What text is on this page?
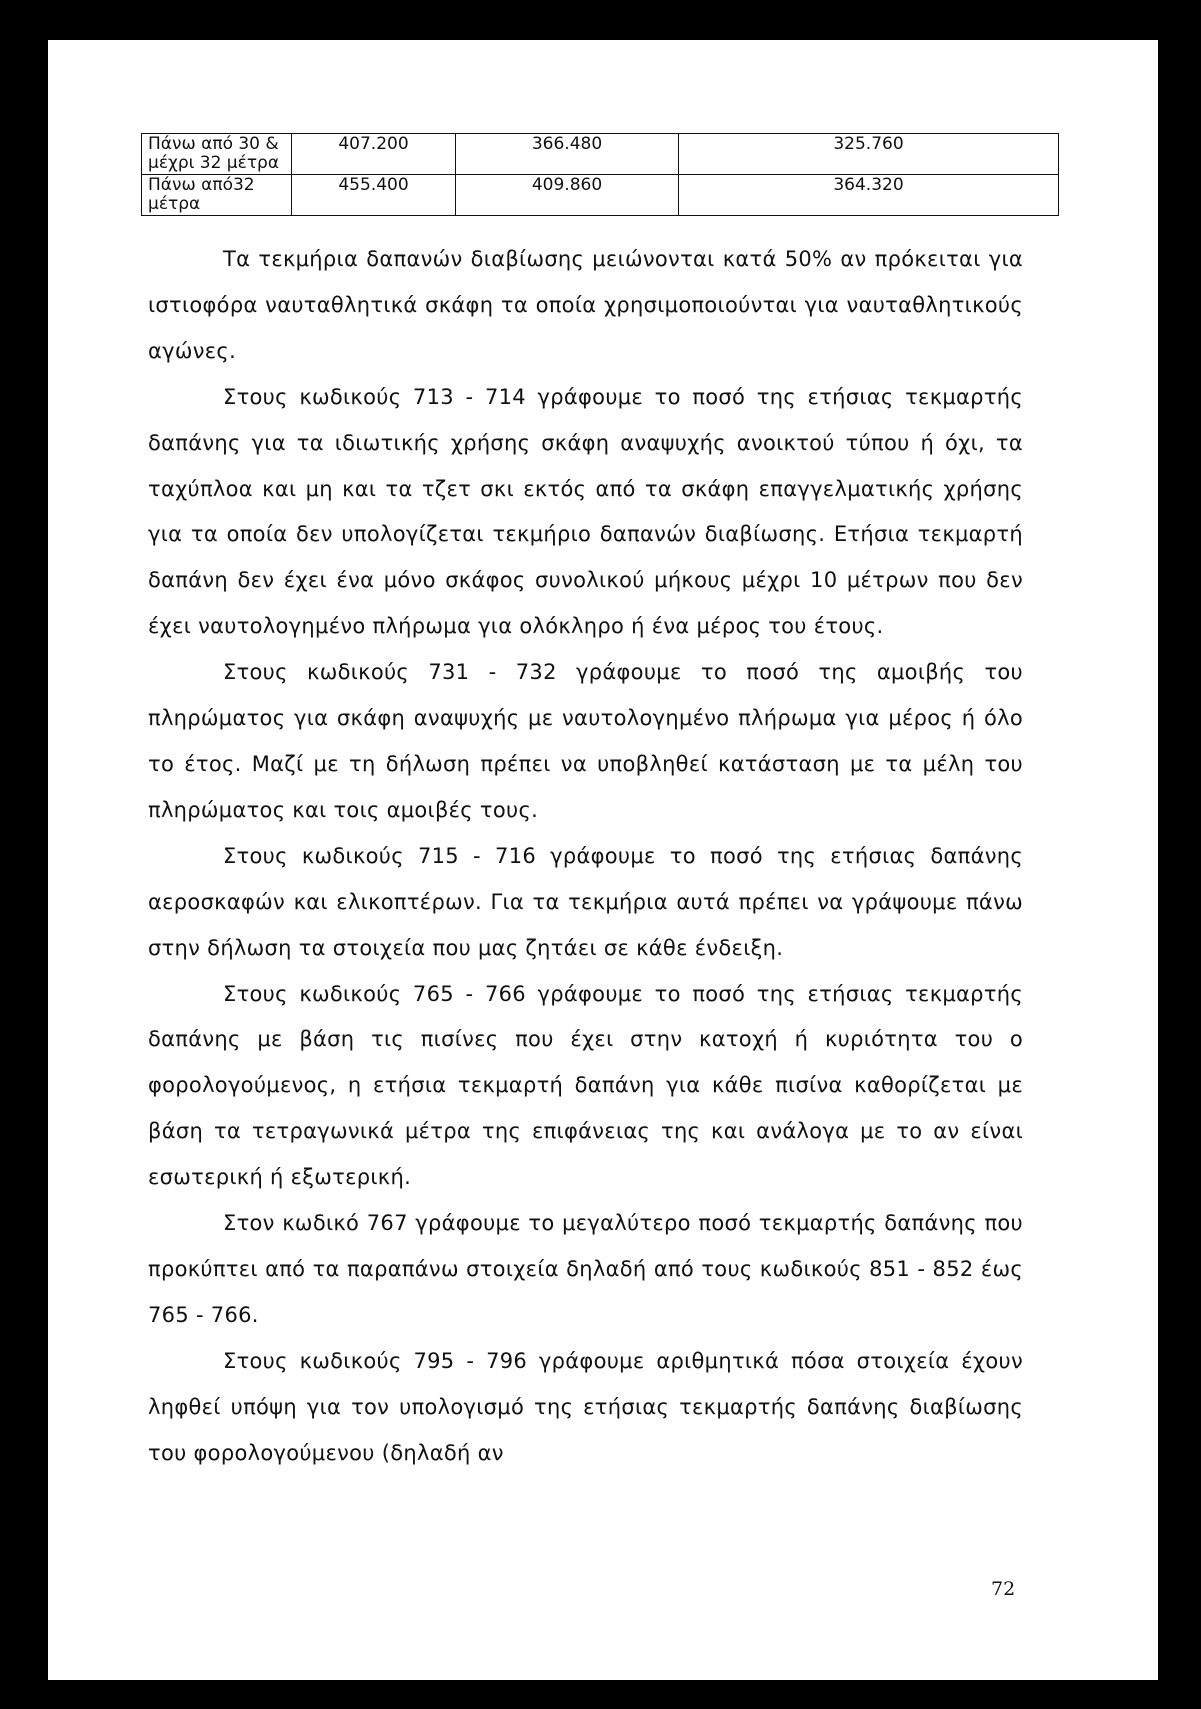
Πάνω από 30 & μέχρι 32 μέτρα	407.200	366.480	325.760
Πάνω από32 μέτρα	455.400	409.860	364.320

Τα τεκμήρια δαπανών διαβίωσης μειώνονται κατά 50% αν πρόκειται για ιστιοφόρα ναυταθλητικά σκάφη τα οποία χρησιμοποιούνται για ναυταθλητικούς αγώνες.

Στους κωδικούς 713 - 714 γράφουμε το ποσό της ετήσιας τεκμαρτής δαπάνης για τα ιδιωτικής χρήσης σκάφη αναψυχής ανοικτού τύπου ή όχι, τα ταχύπλοα και μη και τα τζετ σκι εκτός από τα σκάφη επαγγελματικής χρήσης για τα οποία δεν υπολογίζεται τεκμήριο δαπανών διαβίωσης. Ετήσια τεκμαρτή δαπάνη δεν έχει ένα μόνο σκάφος συνολικού μήκους μέχρι 10 μέτρων που δεν έχει ναυτολογημένο πλήρωμα για ολόκληρο ή ένα μέρος του έτους.

Στους κωδικούς 731 - 732 γράφουμε το ποσό της αμοιβής του πληρώματος για σκάφη αναψυχής με ναυτολογημένο πλήρωμα για μέρος ή όλο το έτος. Μαζί με τη δήλωση πρέπει να υποβληθεί κατάσταση με τα μέλη του πληρώματος και τοις αμοιβές τους.

Στους κωδικούς 715 - 716 γράφουμε το ποσό της ετήσιας δαπάνης αεροσκαφών και ελικοπτέρων. Για τα τεκμήρια αυτά πρέπει να γράψουμε πάνω στην δήλωση τα στοιχεία που μας ζητάει σε κάθε ένδειξη.

Στους κωδικούς 765 - 766 γράφουμε το ποσό της ετήσιας τεκμαρτής δαπάνης με βάση τις πισίνες που έχει στην κατοχή ή κυριότητα του ο φορολογούμενος, η ετήσια τεκμαρτή δαπάνη για κάθε πισίνα καθορίζεται με βάση τα τετραγωνικά μέτρα της επιφάνειας της και ανάλογα με το αν είναι εσωτερική ή εξωτερική.

Στον κωδικό 767 γράφουμε το μεγαλύτερο ποσό τεκμαρτής δαπάνης που προκύπτει από τα παραπάνω στοιχεία δηλαδή από τους κωδικούς 851 - 852 έως 765 - 766.

Στους κωδικούς 795 - 796 γράφουμε αριθμητικά πόσα στοιχεία έχουν ληφθεί υπόψη για τον υπολογισμό της ετήσιας τεκμαρτής δαπάνης διαβίωσης του φορολογούμενου (δηλαδή αν

72
